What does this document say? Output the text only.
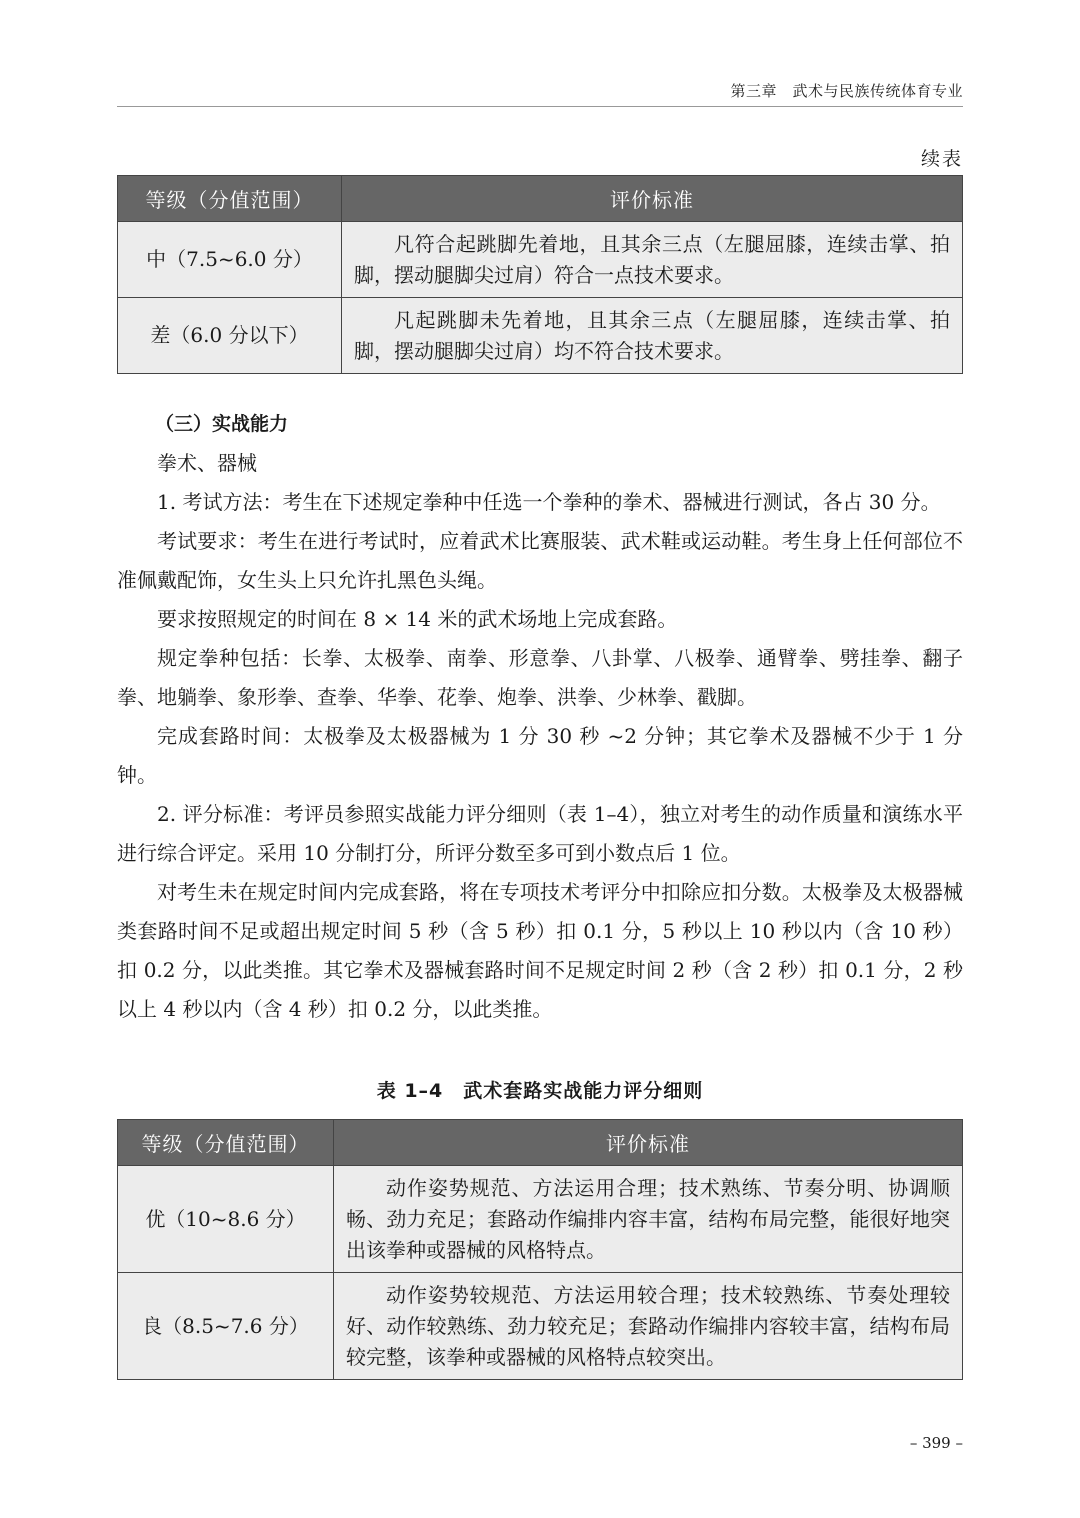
第三章　武术与民族传统体育专业
续表
等级（分值范围）	评价标准
中（7.5~6.0 分）	凡符合起跳脚先着地，且其余三点（左腿屈膝，连续击掌、拍脚，摆动腿脚尖过肩）符合一点技术要求。
差（6.0 分以下）	凡起跳脚未先着地，且其余三点（左腿屈膝，连续击掌、拍脚，摆动腿脚尖过肩）均不符合技术要求。

（三）实战能力

拳术、器械

1. 考试方法：考生在下述规定拳种中任选一个拳种的拳术、器械进行测试，各占 30 分。

考试要求：考生在进行考试时，应着武术比赛服装、武术鞋或运动鞋。考生身上任何部位不准佩戴配饰，女生头上只允许扎黑色头绳。

要求按照规定的时间在 8 × 14 米的武术场地上完成套路。

规定拳种包括：长拳、太极拳、南拳、形意拳、八卦掌、八极拳、通臂拳、劈挂拳、翻子拳、地躺拳、象形拳、查拳、华拳、花拳、炮拳、洪拳、少林拳、戳脚。

完成套路时间：太极拳及太极器械为 1 分 30 秒 ~2 分钟；其它拳术及器械不少于 1 分钟。

2. 评分标准：考评员参照实战能力评分细则（表 1–4），独立对考生的动作质量和演练水平进行综合评定。采用 10 分制打分，所评分数至多可到小数点后 1 位。

对考生未在规定时间内完成套路，将在专项技术考评分中扣除应扣分数。太极拳及太极器械类套路时间不足或超出规定时间 5 秒（含 5 秒）扣 0.1 分，5 秒以上 10 秒以内（含 10 秒）扣 0.2 分，以此类推。其它拳术及器械套路时间不足规定时间 2 秒（含 2 秒）扣 0.1 分，2 秒以上 4 秒以内（含 4 秒）扣 0.2 分，以此类推。

表 1–4　武术套路实战能力评分细则
等级（分值范围）	评价标准
优（10~8.6 分）	动作姿势规范、方法运用合理；技术熟练、节奏分明、协调顺畅、劲力充足；套路动作编排内容丰富，结构布局完整，能很好地突出该拳种或器械的风格特点。
良（8.5~7.6 分）	动作姿势较规范、方法运用较合理；技术较熟练、节奏处理较好、动作较熟练、劲力较充足；套路动作编排内容较丰富，结构布局较完整，该拳种或器械的风格特点较突出。
– 399 –
